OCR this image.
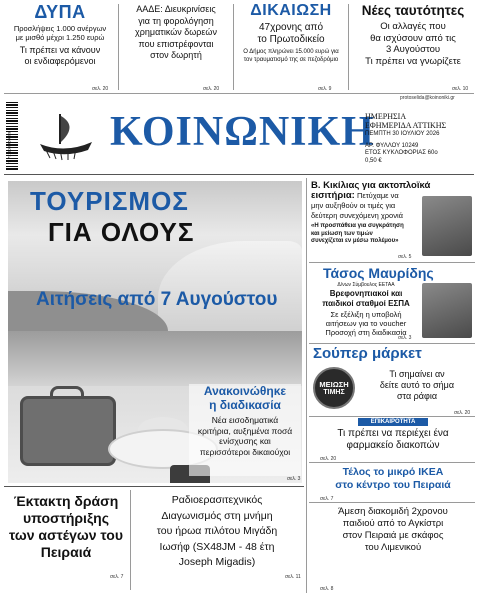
ΔΥΠΑ
Προσλήψεις 1.000 ανέργων
με μισθό μέχρι 1.250 ευρώ
Τι πρέπει να κάνουν
οι ενδιαφερόμενοι
σελ. 20
ΑΑΔΕ: Διευκρινίσεις
για τη φορολόγηση
χρηματικών δωρεών
που επιστρέφονται
στον δωρητή
σελ. 20
ΔΙΚΑΙΩΣΗ
47χρονης από
το Πρωτοδικείο
Ο Δήμος πληρώνει 15.000 ευρώ για
τον τραυματισμό της σε πεζοδρόμιο
σελ. 9
Νέες ταυτότητες
Οι αλλαγές που
θα ισχύσουν από τις
3 Αυγούστου
Τι πρέπει να γνωρίζετε
σελ. 10
protoselida@koinoniki.gr
9 771108 450009 ΚΟΙΝΩΝΙΚΗ
ΗΜΕΡΗΣΙΑ
ΕΦΗΜΕΡΙΔΑ ΑΤΤΙΚΗΣ
ΠΕΜΠΤΗ 30 ΙΟΥΛΙΟΥ 2026
ΑΡ. ΦΥΛΛΟΥ 10249
ΕΤΟΣ ΚΥΚΛΟΦΟΡΙΑΣ 60ο
0,50 €
ΤΟΥΡΙΣΜΟΣ
ΓΙΑ ΟΛΟΥΣ
Αιτήσεις από 7 Αυγούστου
Ανακοινώθηκε
η διαδικασία
Νέα εισοδηματικά
κριτήρια, αυξημένα ποσά
ενίσχυσης και
περισσότεροι δικαιούχοι
σελ. 3
Β. Κικίλιας για ακτοπλοϊκά
εισιτήρια: Πετύχαμε να
μην αυξηθούν οι τιμές για
δεύτερη συνεχόμενη χρονιά
«Η προσπάθεια για συγκράτηση
και μείωση των τιμών
συνεχίζεται εν μέσω πολέμου»
σελ. 5
Τάσος Μαυρίδης
Δ/νων Σύμβουλος ΕΕΤΑΑ
Βρεφονηπιακοί και
παιδικοί σταθμοί ΕΣΠΑ
Σε εξέλιξη η υποβολή
αιτήσεων για το voucher
Προσοχή στη διαδικασία
σελ. 3
Σούπερ μάρκετ
ΜΕΙΩΣΗ
ΤΙΜΗΣ
Τι σημαίνει αν
δείτε αυτό το σήμα
στα ράφια
σελ. 20
ΕΠΙΚΑΙΡΟΤΗΤΑ
Τι πρέπει να περιέχει ένα
φαρμακείο διακοπών
σελ. 20
Τέλος το μικρό ΙΚΕΑ
στο κέντρο του Πειραιά
σελ. 7
Άμεση διακομιδή 2χρονου
παιδιού από το Αγκίστρι
στον Πειραιά με σκάφος
του Λιμενικού
σελ. 8
Έκτακτη δράση
υποστήριξης
των αστέγων του
Πειραιά
σελ. 7
Ραδιοερασιτεχνικός
Διαγωνισμός στη μνήμη
του ήρωα πιλότου Μιγάδη
Ιωσήφ (SX48JM - 48 έτη
Joseph Migadis)
σελ. 11
